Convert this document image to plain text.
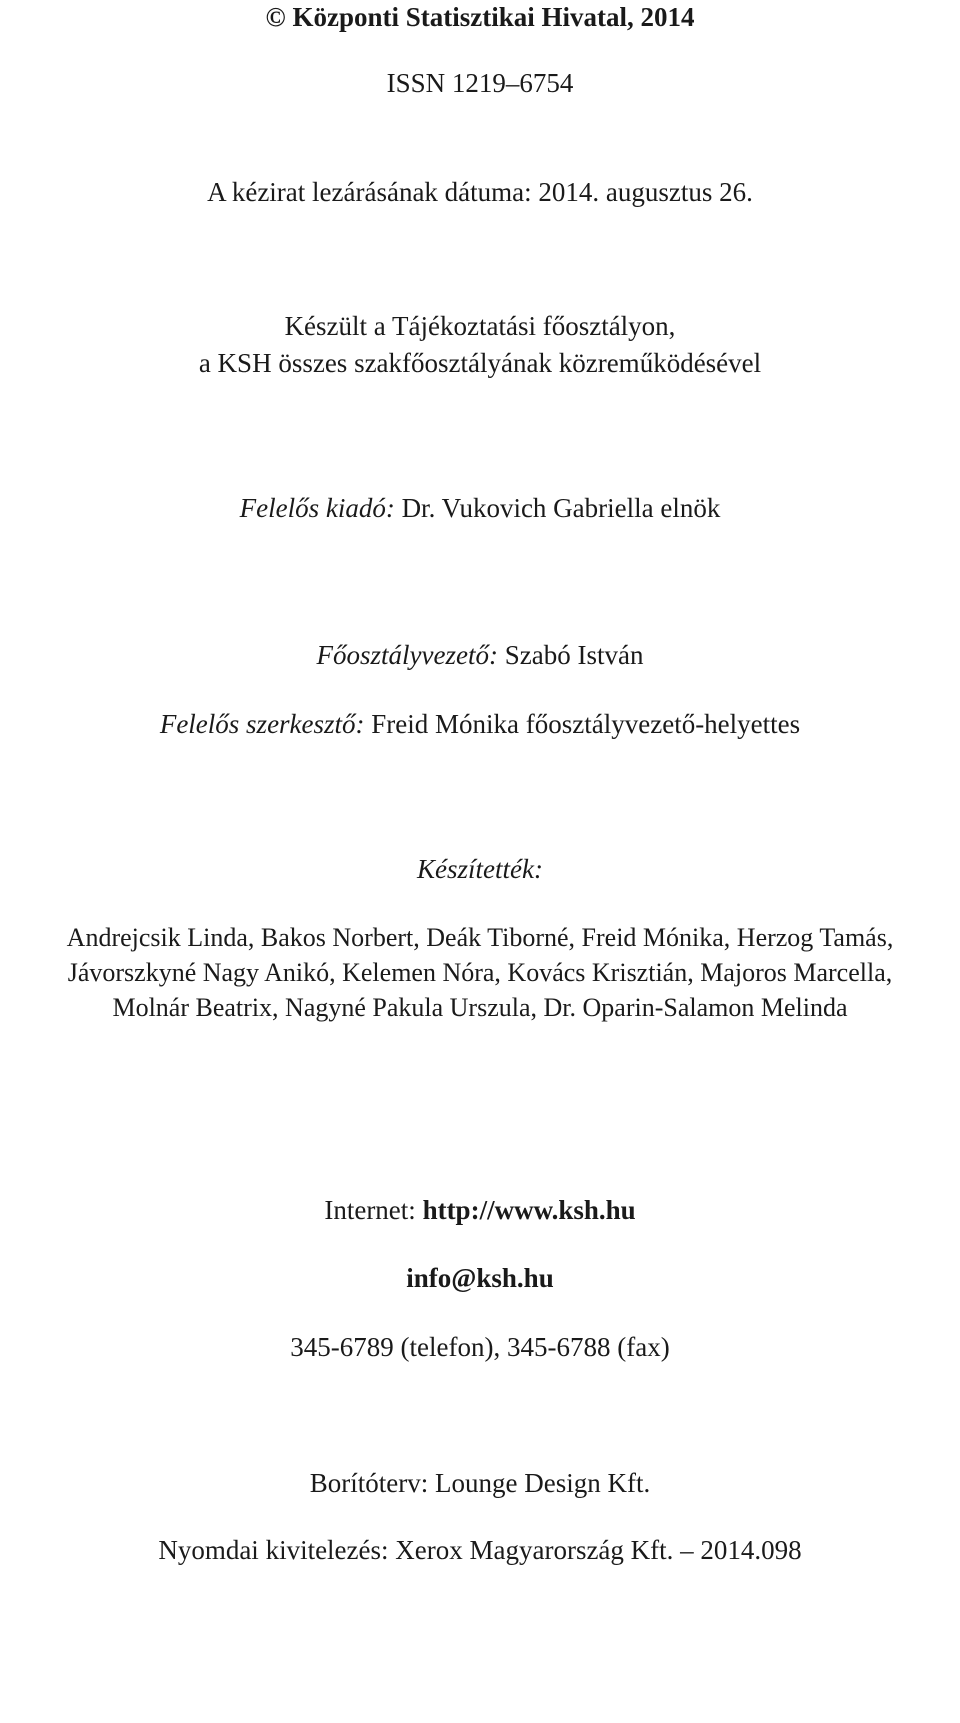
© Központi Statisztikai Hivatal, 2014
ISSN 1219–6754
A kézirat lezárásának dátuma: 2014. augusztus 26.
Készült a Tájékoztatási főosztályon,
a KSH összes szakfőosztályának közreműködésével
Felelős kiadó: Dr. Vukovich Gabriella elnök
Főosztályvezető: Szabó István
Felelős szerkesztő: Freid Mónika főosztályvezető-helyettes
Készítették:
Andrejcsik Linda, Bakos Norbert, Deák Tiborné, Freid Mónika, Herzog Tamás,
Jávorszkyné Nagy Anikó, Kelemen Nóra, Kovács Krisztián, Majoros Marcella,
Molnár Beatrix, Nagyné Pakula Urszula, Dr. Oparin-Salamon Melinda
Internet: http://www.ksh.hu
info@ksh.hu
345-6789 (telefon), 345-6788 (fax)
Borítóterv: Lounge Design Kft.
Nyomdai kivitelezés: Xerox Magyarország Kft. – 2014.098
